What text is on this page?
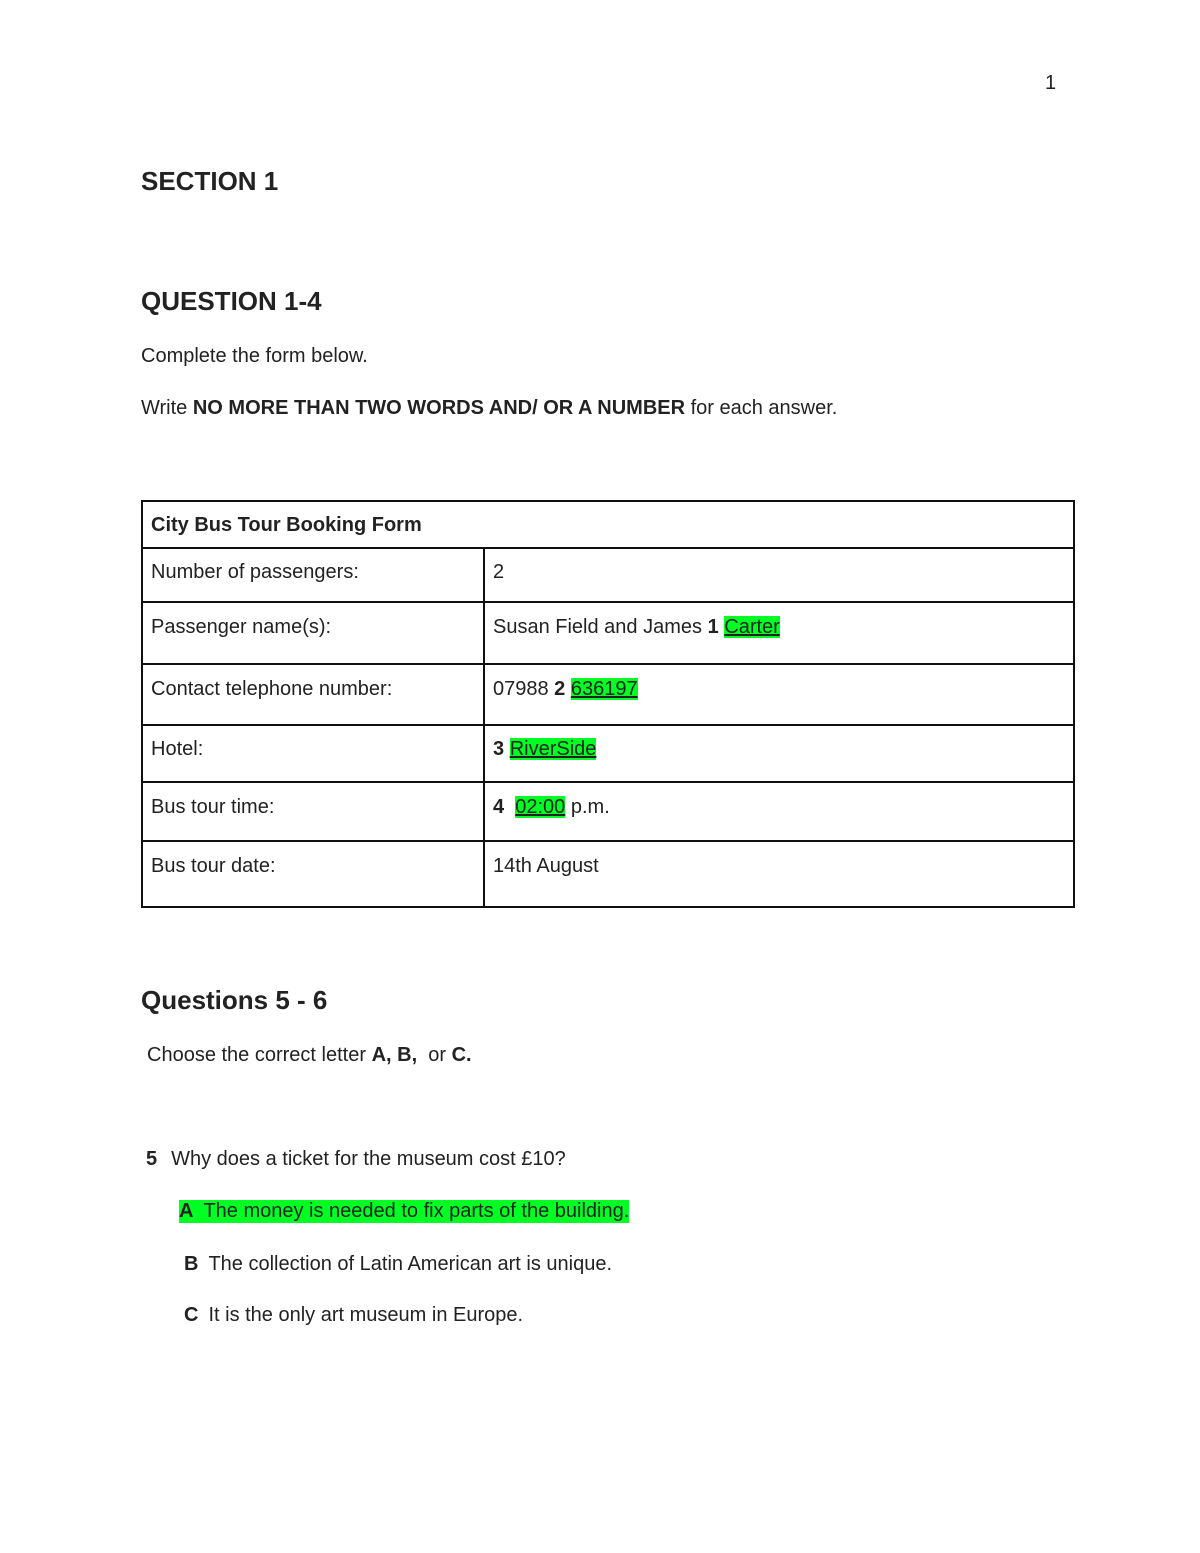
1
SECTION 1
QUESTION 1-4

Complete the form below.

Write NO MORE THAN TWO WORDS AND/ OR A NUMBER for each answer.

City Bus Tour Booking Form	
Number of passengers:	2
Passenger name(s):	Susan Field and James 1 Carter
Contact telephone number:	07988 2 636197
Hotel:	3 RiverSide
Bus tour time:	4 02:00 p.m.
Bus tour date:	14th August
Questions 5 - 6

Choose the correct letter A, B,  or C.

5 Why does a ticket for the museum cost £10?

A The money is needed to fix parts of the building.

B The collection of Latin American art is unique.

C It is the only art museum in Europe.
